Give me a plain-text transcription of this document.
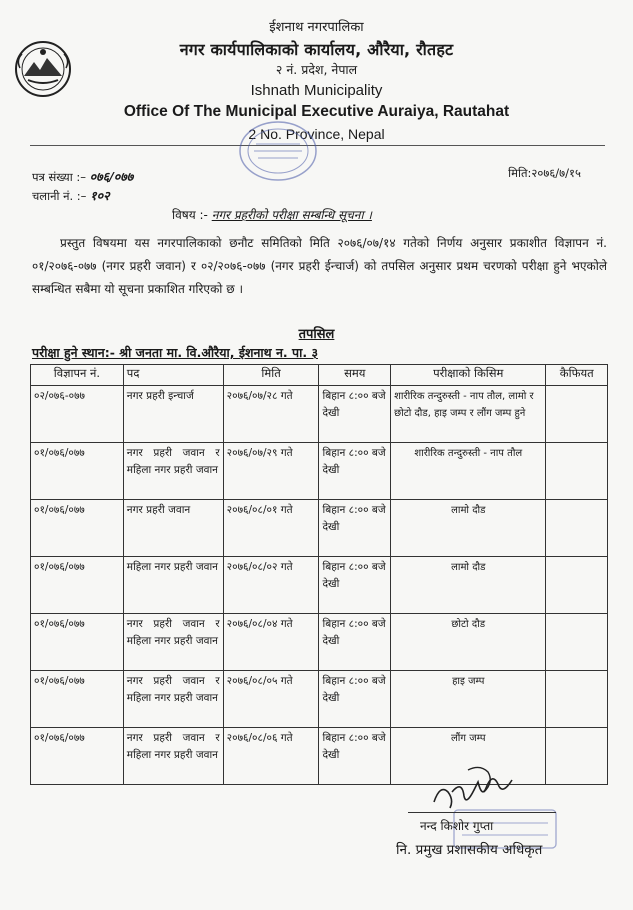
ईशनाथ नगरपालिका
नगर कार्यपालिकाको कार्यालय, औरैया, रौतहट
२ नं. प्रदेश, नेपाल
Ishnath Municipality
Office Of The Municipal Executive Auraiya, Rautahat
2 No. Province, Nepal
पत्र संख्या :– ०७६/०७७
चलानी नं. :– १०२
मिति:२०७६/७/१५
विषय :- नगर प्रहरीको परीक्षा सम्बन्धि सूचना ।
प्रस्तुत विषयमा यस नगरपालिकाको छनौट समितिको मिति २०७६/०७/१४ गतेको निर्णय अनुसार प्रकाशीत विज्ञापन नं. ०१/२०७६-०७७ (नगर प्रहरी जवान) र ०२/२०७६-०७७ (नगर प्रहरी ईन्चार्ज) को तपसिल अनुसार प्रथम चरणको परीक्षा हुने भएकोले सम्बन्धित सबैमा यो सूचना प्रकाशित गरिएको छ ।
तपसिल
परीक्षा हुने स्थान:- श्री जनता मा. वि.औरैया, ईशनाथ न. पा. ३
विज्ञापन नं.	पद	मिति	समय	परीक्षाको किसिम	कैफियत
०२/०७६-०७७	नगर प्रहरी इन्चार्ज	२०७६/०७/२८ गते	बिहान ८:०० बजे देखी	शारीरिक तन्दुरुस्ती - नाप तौल, लामो र छोटो दौड, हाइ जम्प र लौंग जम्प हुने	
०१/०७६/०७७	नगर प्रहरी जवान र महिला नगर प्रहरी जवान	२०७६/०७/२९ गते	बिहान ८:०० बजे देखी	शारीरिक तन्दुरुस्ती - नाप तौल	
०१/०७६/०७७	नगर प्रहरी जवान	२०७६/०८/०१ गते	बिहान ८:०० बजे देखी	लामो दौड	
०१/०७६/०७७	महिला नगर प्रहरी जवान	२०७६/०८/०२ गते	बिहान ८:०० बजे देखी	लामो दौड	
०१/०७६/०७७	नगर प्रहरी जवान र महिला नगर प्रहरी जवान	२०७६/०८/०४ गते	बिहान ८:०० बजे देखी	छोटो दौड	
०१/०७६/०७७	नगर प्रहरी जवान र महिला नगर प्रहरी जवान	२०७६/०८/०५ गते	बिहान ८:०० बजे देखी	हाइ जम्प	
०१/०७६/०७७	नगर प्रहरी जवान र महिला नगर प्रहरी जवान	२०७६/०८/०६ गते	बिहान ८:०० बजे देखी	लौंग जम्प	
नन्द किशोर गुप्ता
नि. प्रमुख प्रशासकीय अधिकृत
